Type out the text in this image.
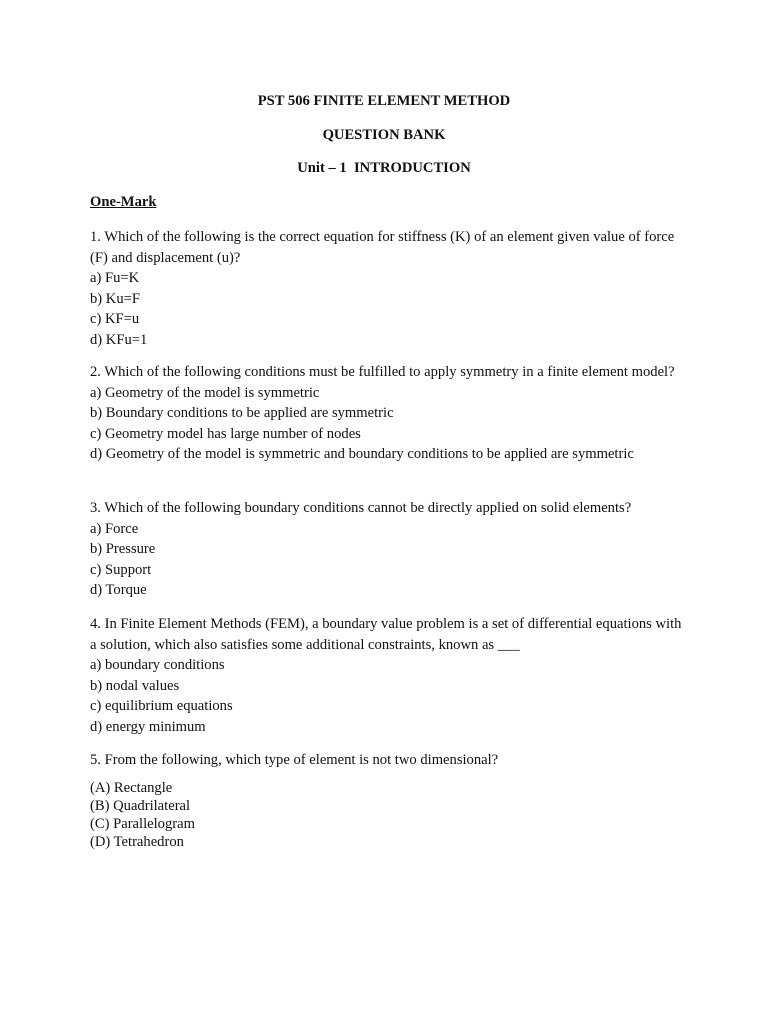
PST 506 FINITE ELEMENT METHOD
QUESTION BANK
Unit – 1  INTRODUCTION
One-Mark
1. Which of the following is the correct equation for stiffness (K) of an element given value of force (F) and displacement (u)?
a) Fu=K
b) Ku=F
c) KF=u
d) KFu=1
2. Which of the following conditions must be fulfilled to apply symmetry in a finite element model?
a) Geometry of the model is symmetric
b) Boundary conditions to be applied are symmetric
c) Geometry model has large number of nodes
d) Geometry of the model is symmetric and boundary conditions to be applied are symmetric
3. Which of the following boundary conditions cannot be directly applied on solid elements?
a) Force
b) Pressure
c) Support
d) Torque
4. In Finite Element Methods (FEM), a boundary value problem is a set of differential equations with a solution, which also satisfies some additional constraints, known as ___
a) boundary conditions
b) nodal values
c) equilibrium equations
d) energy minimum
5. From the following, which type of element is not two dimensional?
(A) Rectangle
(B) Quadrilateral
(C) Parallelogram
(D) Tetrahedron
